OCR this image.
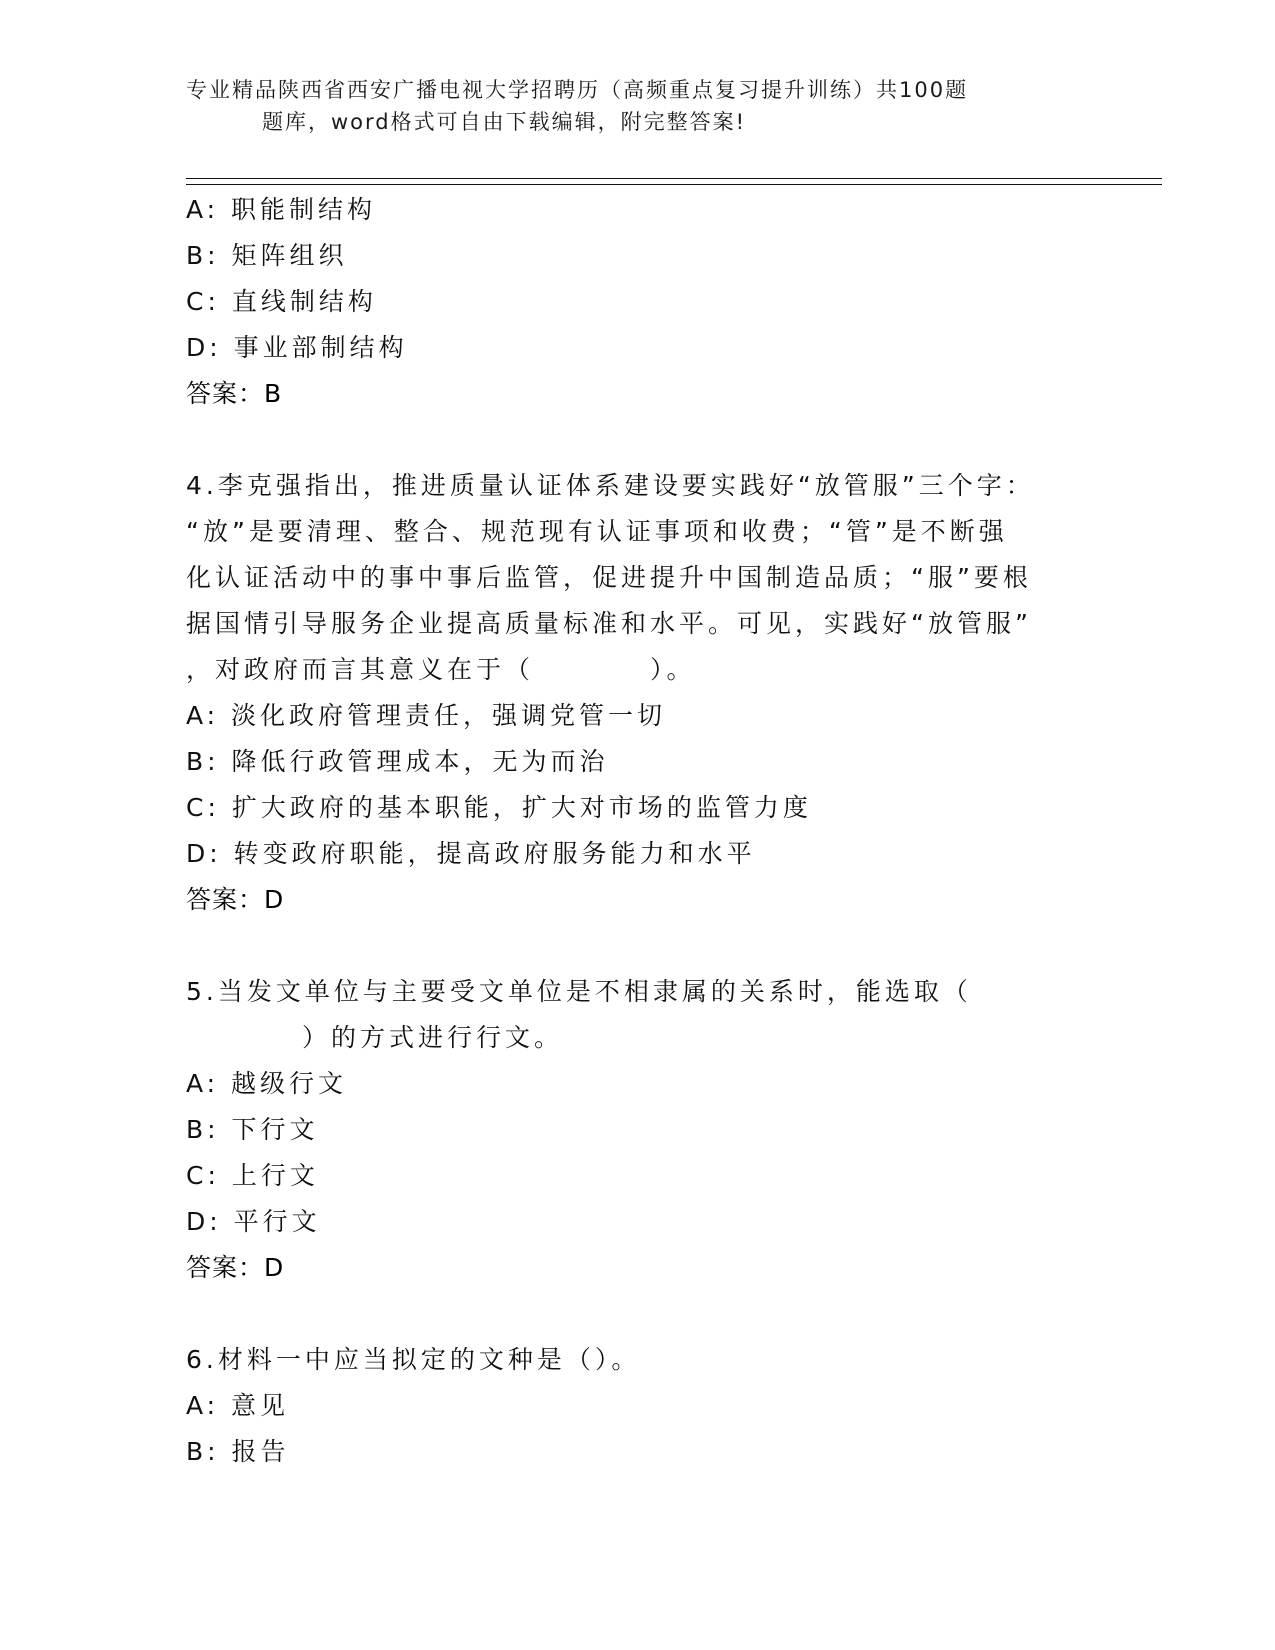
专业精品陕西省西安广播电视大学招聘历（高频重点复习提升训练）共100题
题库，word格式可自由下载编辑，附完整答案!
A: 职能制结构
B: 矩阵组织
C: 直线制结构
D: 事业部制结构
答案：B
4.李克强指出，推进质量认证体系建设要实践好“放管服”三个字：
“放”是要清理、整合、规范现有认证事项和收费；“管”是不断强
化认证活动中的事中事后监管，促进提升中国制造品质；“服”要根
据国情引导服务企业提高质量标准和水平。可见，实践好“放管服”
，对政府而言其意义在于（　　　　）。
A: 淡化政府管理责任，强调党管一切
B: 降低行政管理成本，无为而治
C: 扩大政府的基本职能，扩大对市场的监管力度
D: 转变政府职能，提高政府服务能力和水平
答案：D
5.当发文单位与主要受文单位是不相隶属的关系时，能选取（
　　　　）的方式进行行文。
A: 越级行文
B: 下行文
C: 上行文
D: 平行文
答案：D
6.材料一中应当拟定的文种是（）。
A: 意见
B: 报告
